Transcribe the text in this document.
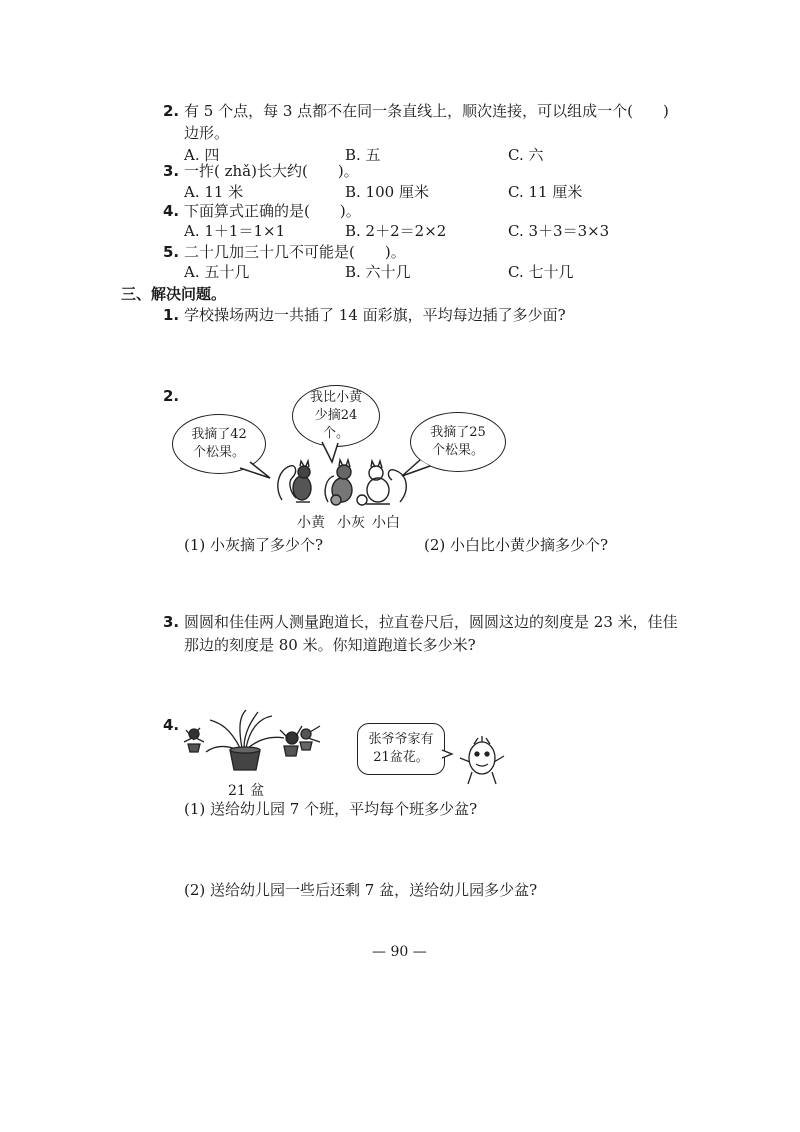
2. 有 5 个点，每 3 点都不在同一条直线上，顺次连接，可以组成一个(　　)
边形。
A. 四	B. 五	C. 六
3. 一拃( zhǎ)长大约(　　)。
A. 11 米	B. 100 厘米	C. 11 厘米
4. 下面算式正确的是(　　)。
A. 1＋1＝1×1	B. 2＋2＝2×2	C. 3＋3＝3×3
5. 二十几加三十几不可能是(　　)。
A. 五十几	B. 六十几	C. 七十几
三、解决问题。
1. 学校操场两边一共插了 14 面彩旗，平均每边插了多少面?
2.
我摘了42个松果。
我比小黄少摘24个。	我摘了25个松果。
小黄 小灰 小白
(1) 小灰摘了多少个?	(2) 小白比小黄少摘多少个?
3. 圆圆和佳佳两人测量跑道长，拉直卷尺后，圆圆这边的刻度是 23 米，佳佳
那边的刻度是 80 米。你知道跑道长多少米?
4.
21 盆
张爷爷家有21盆花。
(1) 送给幼儿园 7 个班，平均每个班多少盆?
(2) 送给幼儿园一些后还剩 7 盆，送给幼儿园多少盆?
— 90 —
